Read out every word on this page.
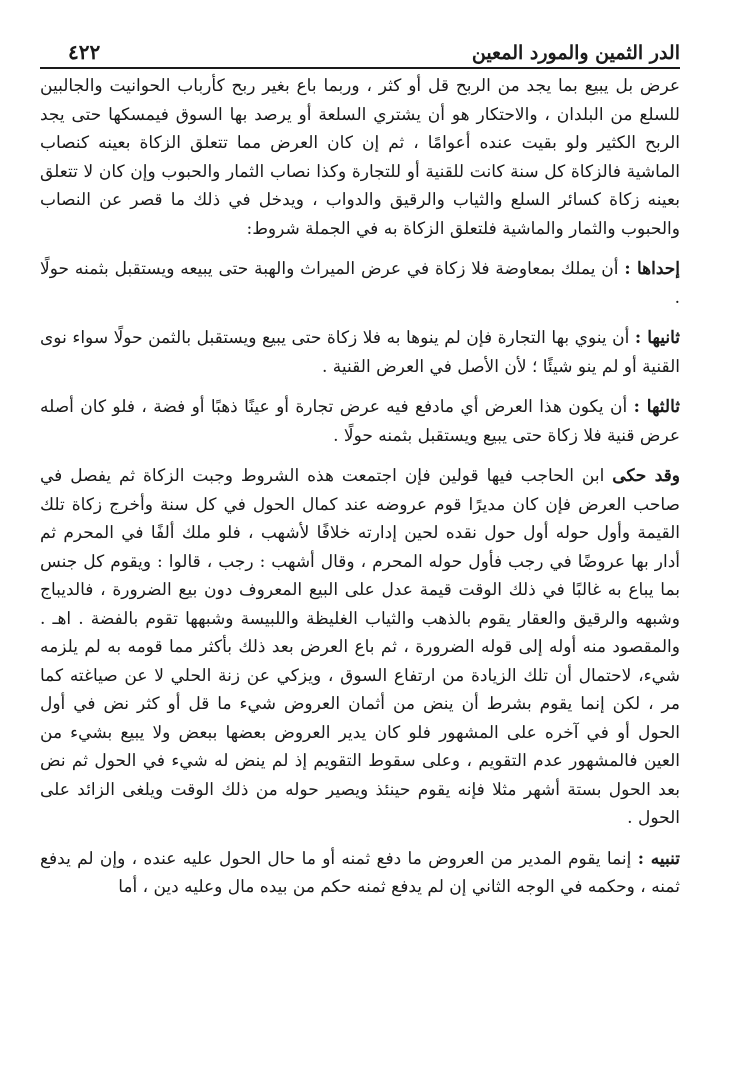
الدر الثمين والمورد المعين
٤٢٢

عرض بل يبيع بما يجد من الربح قل أو كثر ، وربما باع بغير ربح كأرباب الحوانيت والجالبين للسلع من البلدان ، والاحتكار هو أن يشتري السلعة أو يرصد بها السوق فيمسكها حتى يجد الربح الكثير ولو بقيت عنده أعوامًا ، ثم إن كان العرض مما تتعلق الزكاة بعينه كنصاب الماشية فالزكاة كل سنة كانت للقنية أو للتجارة وكذا نصاب الثمار والحبوب وإن كان لا تتعلق بعينه زكاة كسائر السلع والثياب والرقيق والدواب ، ويدخل في ذلك ما قصر عن النصاب والحبوب والثمار والماشية فلتعلق الزكاة به في الجملة شروط:

إحداها : أن يملك بمعاوضة فلا زكاة في عرض الميراث والهبة حتى يبيعه ويستقبل بثمنه حولًا .

ثانيها : أن ينوي بها التجارة فإن لم ينوها به فلا زكاة حتى يبيع ويستقبل بالثمن حولًا سواء نوى القنية أو لم ينو شيئًا ؛ لأن الأصل في العرض القنية .

ثالثها : أن يكون هذا العرض أي مادفع فيه عرض تجارة أو عينًا ذهبًا أو فضة ، فلو كان أصله عرض قنية فلا زكاة حتى يبيع ويستقبل بثمنه حولًا .

وقد حكى ابن الحاجب فيها قولين فإن اجتمعت هذه الشروط وجبت الزكاة ثم يفصل في صاحب العرض فإن كان مديرًا قوم عروضه عند كمال الحول في كل سنة وأخرج زكاة تلك القيمة وأول حوله أول حول نقده لحين إدارته خلافًا لأشهب ، فلو ملك ألفًا في المحرم ثم أدار بها عروضًا في رجب فأول حوله المحرم ، وقال أشهب : رجب ، قالوا : ويقوم كل جنس بما يباع به غالبًا في ذلك الوقت قيمة عدل على البيع المعروف دون بيع الضرورة ، فالديباج وشبهه والرقيق والعقار يقوم بالذهب والثياب الغليظة واللبيسة وشبهها تقوم بالفضة . اهـ . والمقصود منه أوله إلى قوله الضرورة ، ثم باع العرض بعد ذلك بأكثر مما قومه به لم يلزمه شيء، لاحتمال أن تلك الزيادة من ارتفاع السوق ، ويزكي عن زنة الحلي لا عن صياغته كما مر ، لكن إنما يقوم بشرط أن ينض من أثمان العروض شيء ما قل أو كثر نض في أول الحول أو في آخره على المشهور فلو كان يدير العروض بعضها ببعض ولا يبيع بشيء من العين فالمشهور عدم التقويم ، وعلى سقوط التقويم إذ لم ينض له شيء في الحول ثم نض بعد الحول بستة أشهر مثلا فإنه يقوم حينئذ ويصير حوله من ذلك الوقت ويلغى الزائد على الحول .

تنبيه : إنما يقوم المدير من العروض ما دفع ثمنه أو ما حال الحول عليه عنده ، وإن لم يدفع ثمنه ، وحكمه في الوجه الثاني إن لم يدفع ثمنه حكم من بيده مال وعليه دين ، أما
